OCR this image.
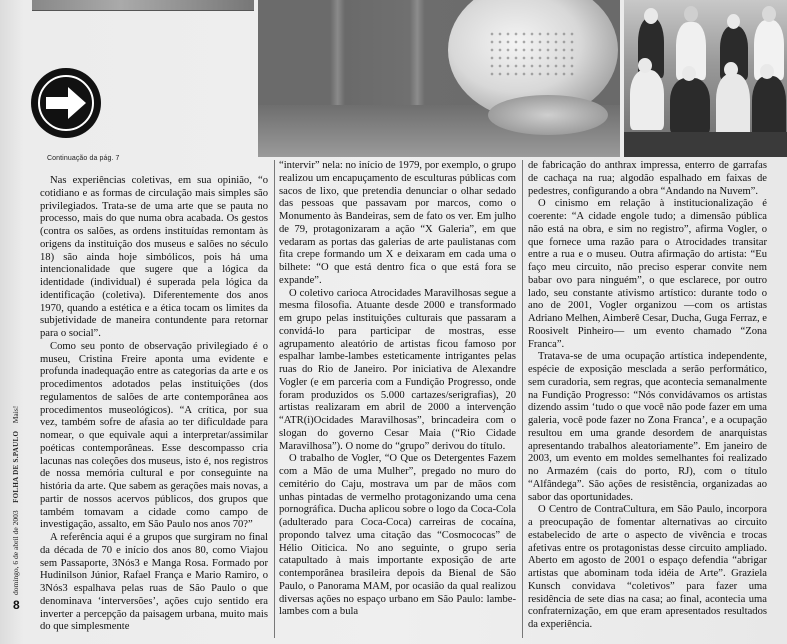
Continuação da pág. 7
domingo, 6 de abril de 2003    FOLHA DE S.PAULO    Mais!
8

Nas experiências coletivas, em sua opinião, “o cotidiano e as formas de circulação mais simples são privilegiados. Trata-se de uma arte que se pauta no processo, mais do que numa obra acabada. Os gestos (contra os salões, as ordens instituídas remontam às origens da instituição dos museus e salões no século 18) são ainda hoje simbólicos, pois há uma intencionalidade que sugere que a lógica da identidade (individual) é superada pela lógica da identificação (coletiva). Diferentemente dos anos 1970, quando a estética e a ética tocam os limites da subjetividade de maneira contundente para retornar para o social”.

Como seu ponto de observação privilegiado é o museu, Cristina Freire aponta uma evidente e profunda inadequação entre as categorias da arte e os procedimentos adotados pelas instituições (dos regulamentos de salões de arte contemporânea aos procedimentos museológicos). “A crítica, por sua vez, também sofre de afasia ao ter dificuldade para nomear, o que equivale aqui a interpretar/assimilar poéticas contemporâneas. Esse descompasso cria lacunas nas coleções dos museus, isto é, nos registros de nossa memória cultural e por conseguinte na história da arte. Que sabem as gerações mais novas, a partir de nossos acervos públicos, dos grupos que também tomavam a cidade como campo de investigação, assalto, em São Paulo nos anos 70?”

A referência aqui é a grupos que surgiram no final da década de 70 e início dos anos 80, como Viajou sem Passaporte, 3Nós3 e Manga Rosa. Formado por Hudinilson Júnior, Rafael França e Mario Ramiro, o 3Nós3 espalhava pelas ruas de São Paulo o que denominava ‘interversões’, ações cujo sentido era inverter a percepção da paisagem urbana, muito mais do que simplesmente

“intervir” nela: no início de 1979, por exemplo, o grupo realizou um encapuçamento de esculturas públicas com sacos de lixo, que pretendia denunciar o olhar sedado das pessoas que passavam por marcos, como o Monumento às Bandeiras, sem de fato os ver. Em julho de 79, protagonizaram a ação “X Galeria”, em que vedaram as portas das galerias de arte paulistanas com fita crepe formando um X e deixaram em cada uma o bilhete: “O que está dentro fica o que está fora se expande”.

O coletivo carioca Atrocidades Maravilhosas segue a mesma filosofia. Atuante desde 2000 e transformado em grupo pelas instituições culturais que passaram a convidá-lo para participar de mostras, esse agrupamento aleatório de artistas ficou famoso por espalhar lambe-lambes esteticamente intrigantes pelas ruas do Rio de Janeiro. Por iniciativa de Alexandre Vogler (e em parceria com a Fundição Progresso, onde foram produzidos os 5.000 cartazes/serigrafias), 20 artistas realizaram em abril de 2000 a intervenção “ATR(i)Ocidades Maravilhosas”, brincadeira com o slogan do governo Cesar Maia (“Rio Cidade Maravilhosa”). O nome do “grupo” derivou do título.

O trabalho de Vogler, “O Que os Detergentes Fazem com a Mão de uma Mulher”, pregado no muro do cemitério do Caju, mostrava um par de mãos com unhas pintadas de vermelho protagonizando uma cena pornográfica. Ducha aplicou sobre o logo da Coca-Cola (adulterado para Coca-Coca) carreiras de cocaína, propondo talvez uma citação das “Cosmococas” de Hélio Oiticica. No ano seguinte, o grupo seria catapultado à mais importante exposição de arte contemporânea brasileira depois da Bienal de São Paulo, o Panorama MAM, por ocasião da qual realizou diversas ações no espaço urbano em São Paulo: lambe-lambes com a bula

de fabricação do anthrax impressa, enterro de garrafas de cachaça na rua; algodão espalhado em faixas de pedestres, configurando a obra “Andando na Nuvem”.

O cinismo em relação à institucionalização é coerente: “A cidade engole tudo; a dimensão pública não está na obra, e sim no registro”, afirma Vogler, o que fornece uma razão para o Atrocidades transitar entre a rua e o museu. Outra afirmação do artista: “Eu faço meu circuito, não preciso esperar convite nem babar ovo para ninguém”, o que esclarece, por outro lado, seu constante ativismo artístico: durante todo o ano de 2001, Vogler organizou —com os artistas Adriano Melhen, Aimberê Cesar, Ducha, Guga Ferraz, e Roosivelt Pinheiro— um evento chamado “Zona Franca”.

Tratava-se de uma ocupação artística independente, espécie de exposição mesclada a serão performático, sem curadoria, sem regras, que acontecia semanalmente na Fundição Progresso: “Nós convidávamos os artistas dizendo assim ‘tudo o que você não pode fazer em uma galeria, você pode fazer no Zona Franca’, e a ocupação resultou em uma grande desordem de anarquistas apresentando trabalhos aleatoriamente”. Em janeiro de 2003, um evento em moldes semelhantes foi realizado no Armazém (cais do porto, RJ), com o título “Alfândega”. São ações de resistência, organizadas ao sabor das oportunidades.

O Centro de ContraCultura, em São Paulo, incorpora a preocupação de fomentar alternativas ao circuito estabelecido de arte o aspecto de vivência e trocas afetivas entre os protagonistas desse circuito ampliado. Aberto em agosto de 2001 o espaço defendia “abrigar artistas que abominam toda idéia de Arte”. Graziela Kunsch convidava “coletivos” para fazer uma residência de sete dias na casa; ao final, acontecia uma confraternização, em que eram apresentados resultados da experiência.
